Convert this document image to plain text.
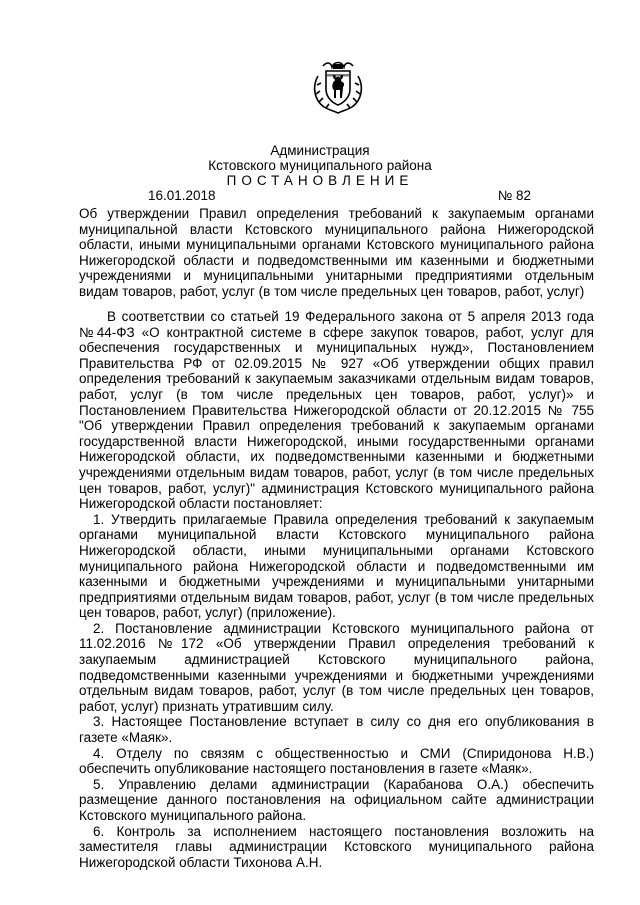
Администрация
Кстовского муниципального района
ПОСТАНОВЛЕНИЕ
16.01.2018	№ 82

Об утверждении Правил определения требований к закупаемым органами муниципальной власти Кстовского муниципального района Нижегородской области, иными муниципальными органами Кстовского муниципального района Нижегородской области и подведомственными им казенными и бюджетными учреждениями и муниципальными унитарными предприятиями отдельным видам товаров, работ, услуг (в том числе предельных цен товаров, работ, услуг)

В соответствии со статьей 19 Федерального закона от 5 апреля 2013 года №44-ФЗ «О контрактной системе в сфере закупок товаров, работ, услуг для обеспечения государственных и муниципальных нужд», Постановлением Правительства РФ от 02.09.2015 № 927 «Об утверждении общих правил определения требований к закупаемым заказчиками отдельным видам товаров, работ, услуг (в том числе предельных цен товаров, работ, услуг)» и Постановлением Правительства Нижегородской области от 20.12.2015 № 755 "Об утверждении Правил определения требований к закупаемым органами государственной власти Нижегородской, иными государственными органами Нижегородской области, их подведомственными казенными и бюджетными учреждениями отдельным видам товаров, работ, услуг (в том числе предельных цен товаров, работ, услуг)" администрация Кстовского муниципального района Нижегородской области постановляет:

1. Утвердить прилагаемые Правила определения требований к закупаемым органами муниципальной власти Кстовского муниципального района Нижегородской области, иными муниципальными органами Кстовского муниципального района Нижегородской области и подведомственными им казенными и бюджетными учреждениями и муниципальными унитарными предприятиями отдельным видам товаров, работ, услуг (в том числе предельных цен товаров, работ, услуг) (приложение).

2. Постановление администрации Кстовского муниципального района от 11.02.2016 №172 «Об утверждении Правил определения требований к закупаемым администрацией Кстовского муниципального района, подведомственными казенными учреждениями и бюджетными учреждениями отдельным видам товаров, работ, услуг (в том числе предельных цен товаров, работ, услуг) признать утратившим силу.

3. Настоящее Постановление вступает в силу со дня его опубликования в газете «Маяк».

4. Отделу по связям с общественностью и СМИ (Спиридонова Н.В.) обеспечить опубликование настоящего постановления в газете «Маяк».

5. Управлению делами администрации (Карабанова О.А.) обеспечить размещение данного постановления на официальном сайте администрации Кстовского муниципального района.

6. Контроль за исполнением настоящего постановления возложить на заместителя главы администрации Кстовского муниципального района Нижегородской области Тихонова А.Н.
